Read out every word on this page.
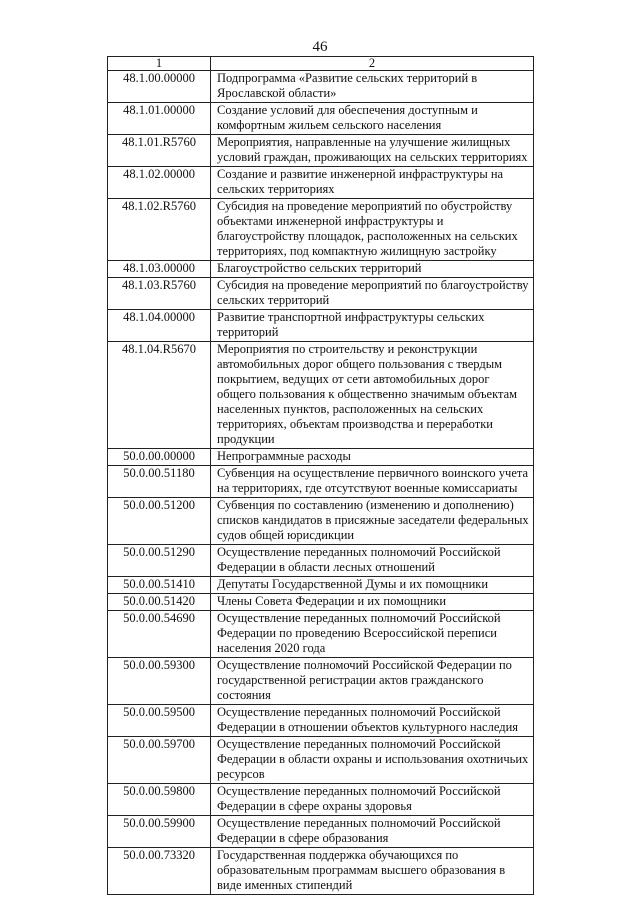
46
1	2
48.1.00.00000	Подпрограмма «Развитие сельских территорий в Ярославской области»
48.1.01.00000	Создание условий для обеспечения доступным и комфортным жильем сельского населения
48.1.01.R5760	Мероприятия, направленные на улучшение жилищных условий граждан, проживающих на сельских территориях
48.1.02.00000	Создание и развитие инженерной инфраструктуры на сельских территориях
48.1.02.R5760	Субсидия на проведение мероприятий по обустройству объектами инженерной инфраструктуры и благоустройству площадок, расположенных на сельских территориях, под компактную жилищную застройку
48.1.03.00000	Благоустройство сельских территорий
48.1.03.R5760	Субсидия на проведение мероприятий по благоустройству сельских территорий
48.1.04.00000	Развитие транспортной инфраструктуры сельских территорий
48.1.04.R5670	Мероприятия по строительству и реконструкции автомобильных дорог общего пользования с твердым покрытием, ведущих от сети автомобильных дорог общего пользования к общественно значимым объектам населенных пунктов, расположенных на сельских территориях, объектам производства и переработки продукции
50.0.00.00000	Непрограммные расходы
50.0.00.51180	Субвенция на осуществление первичного воинского учета на территориях, где отсутствуют военные комиссариаты
50.0.00.51200	Субвенция по составлению (изменению и дополнению) списков кандидатов в присяжные заседатели федеральных судов общей юрисдикции
50.0.00.51290	Осуществление переданных полномочий Российской Федерации в области лесных отношений
50.0.00.51410	Депутаты Государственной Думы и их помощники
50.0.00.51420	Члены Совета Федерации и их помощники
50.0.00.54690	Осуществление переданных полномочий Российской Федерации по проведению Всероссийской переписи населения 2020 года
50.0.00.59300	Осуществление полномочий Российской Федерации по государственной регистрации актов гражданского состояния
50.0.00.59500	Осуществление переданных полномочий Российской Федерации в отношении объектов культурного наследия
50.0.00.59700	Осуществление переданных полномочий Российской Федерации в области охраны и использования охотничьих ресурсов
50.0.00.59800	Осуществление переданных полномочий Российской Федерации в сфере охраны здоровья
50.0.00.59900	Осуществление переданных полномочий Российской Федерации в сфере образования
50.0.00.73320	Государственная поддержка обучающихся по образовательным программам высшего образования в виде именных стипендий
